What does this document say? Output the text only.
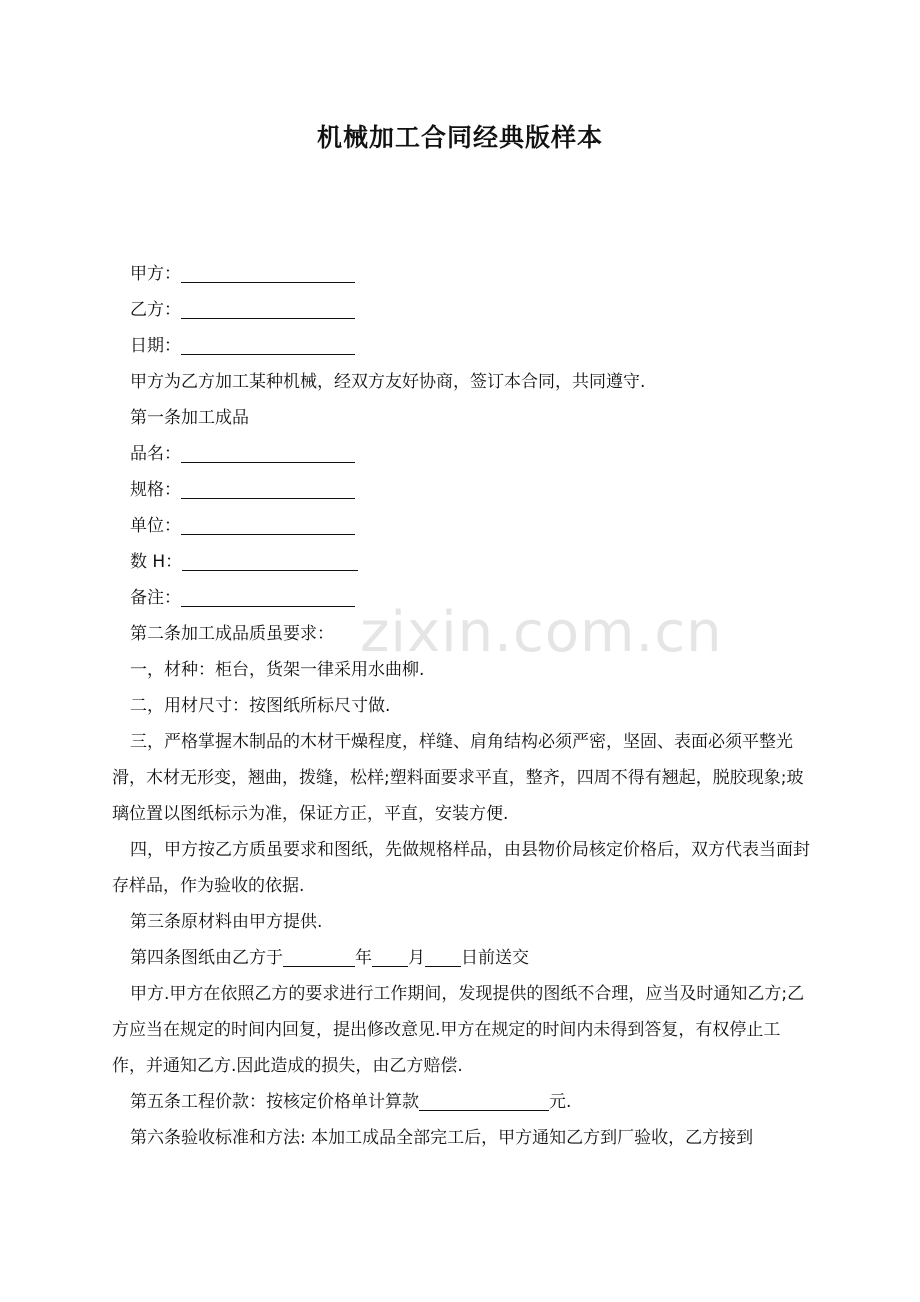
机械加工合同经典版样本
zixin.com.cn
甲方：
乙方：
日期：
甲方为乙方加工某种机械，经双方友好协商，签订本合同，共同遵守.
第一条加工成品
品名：
规格：
单位：
数 H：
备注：
第二条加工成品质虽要求：
一，材种：柜台，货架一律采用水曲柳.
二，用材尺寸：按图纸所标尺寸做.
三，严格掌握木制品的木材干燥程度，样缝、肩角结构必须严密，坚固、表面必须平整光滑，木材无形变，翘曲，拨缝，松样;塑料面要求平直，整齐，四周不得有翘起，脱胶现象;玻璃位置以图纸标示为准，保证方正，平直，安装方便.
四，甲方按乙方质虽要求和图纸，先做规格样品，由县物价局核定价格后，双方代表当面封存样品，作为验收的依据.
第三条原材料由甲方提供.
第四条图纸由乙方于	年 月 日前送交
甲方.甲方在依照乙方的要求进行工作期间，发现提供的图纸不合理，应当及时通知乙方;乙方应当在规定的时间内回复，提出修改意见.甲方在规定的时间内未得到答复，有权停止工作，并通知乙方.因此造成的损失，由乙方赔偿.
第五条工程价款：按核定价格单计算款	元.
第六条验收标准和方法: 本加工成品全部完工后，甲方通知乙方到厂验收，乙方接到
